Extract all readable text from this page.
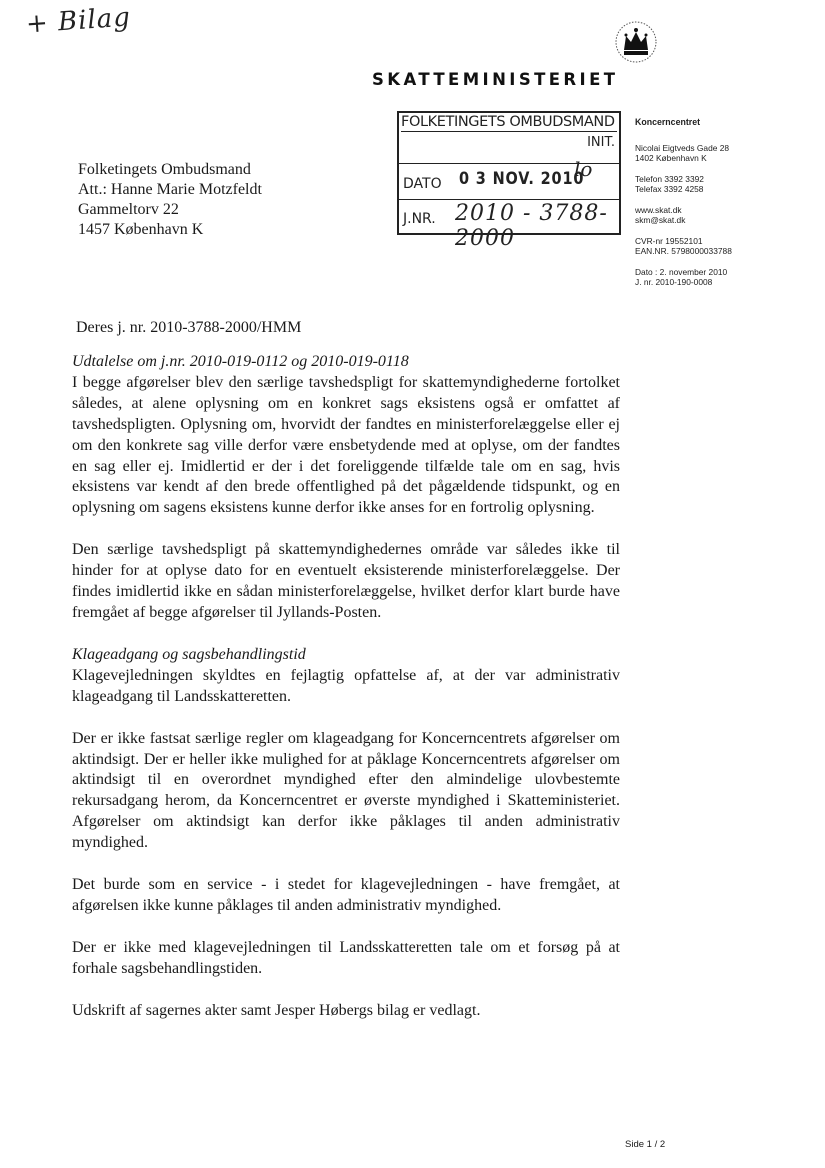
+ Bilag
SKATTEMINISTERIET
FOLKETINGETS OMBUDSMAND
INIT.
DATO 0 3 NOV. 2010
lo
J.NR. 2010 - 3788-2000
Koncerncentret
Nicolai Eigtveds Gade 28
1402 København K
Telefon 3392 3392
Telefax 3392 4258
www.skat.dk
skm@skat.dk
CVR-nr 19552101
EAN.NR. 5798000033788
Dato : 2. november 2010
J. nr. 2010-190-0008
Folketingets Ombudsmand
Att.: Hanne Marie Motzfeldt
Gammeltorv 22
1457 København K
Deres j. nr. 2010-3788-2000/HMM

Udtalelse om j.nr. 2010-019-0112 og 2010-019-0118

I begge afgørelser blev den særlige tavshedspligt for skattemyndighederne fortolket således, at alene oplysning om en konkret sags eksistens også er omfattet af tavshedspligten. Oplysning om, hvorvidt der fandtes en ministerforelæggelse eller ej om den konkrete sag ville derfor være ensbetydende med at oplyse, om der fandtes en sag eller ej. Imidlertid er der i det foreliggende tilfælde tale om en sag, hvis eksistens var kendt af den brede offentlighed på det pågældende tidspunkt, og en oplysning om sagens eksistens kunne derfor ikke anses for en fortrolig oplysning.

Den særlige tavshedspligt på skattemyndighedernes område var således ikke til hinder for at oplyse dato for en eventuelt eksisterende ministerforelæggelse. Der findes imidlertid ikke en sådan ministerforelæggelse, hvilket derfor klart burde have fremgået af begge afgørelser til Jyllands-Posten.

Klageadgang og sagsbehandlingstid

Klagevejledningen skyldtes en fejlagtig opfattelse af, at der var administrativ klageadgang til Landsskatteretten.

Der er ikke fastsat særlige regler om klageadgang for Koncerncentrets afgørelser om aktindsigt. Der er heller ikke mulighed for at påklage Koncerncentrets afgørelser om aktindsigt til en overordnet myndighed efter den almindelige ulovbestemte rekursadgang herom, da Koncerncentret er øverste myndighed i Skatteministeriet. Afgørelser om aktindsigt kan derfor ikke påklages til anden administrativ myndighed.

Det burde som en service - i stedet for klagevejledningen - have fremgået, at afgørelsen ikke kunne påklages til anden administrativ myndighed.

Der er ikke med klagevejledningen til Landsskatteretten tale om et forsøg på at forhale sagsbehandlingstiden.

Udskrift af sagernes akter samt Jesper Høbergs bilag er vedlagt.

Side 1 / 2
